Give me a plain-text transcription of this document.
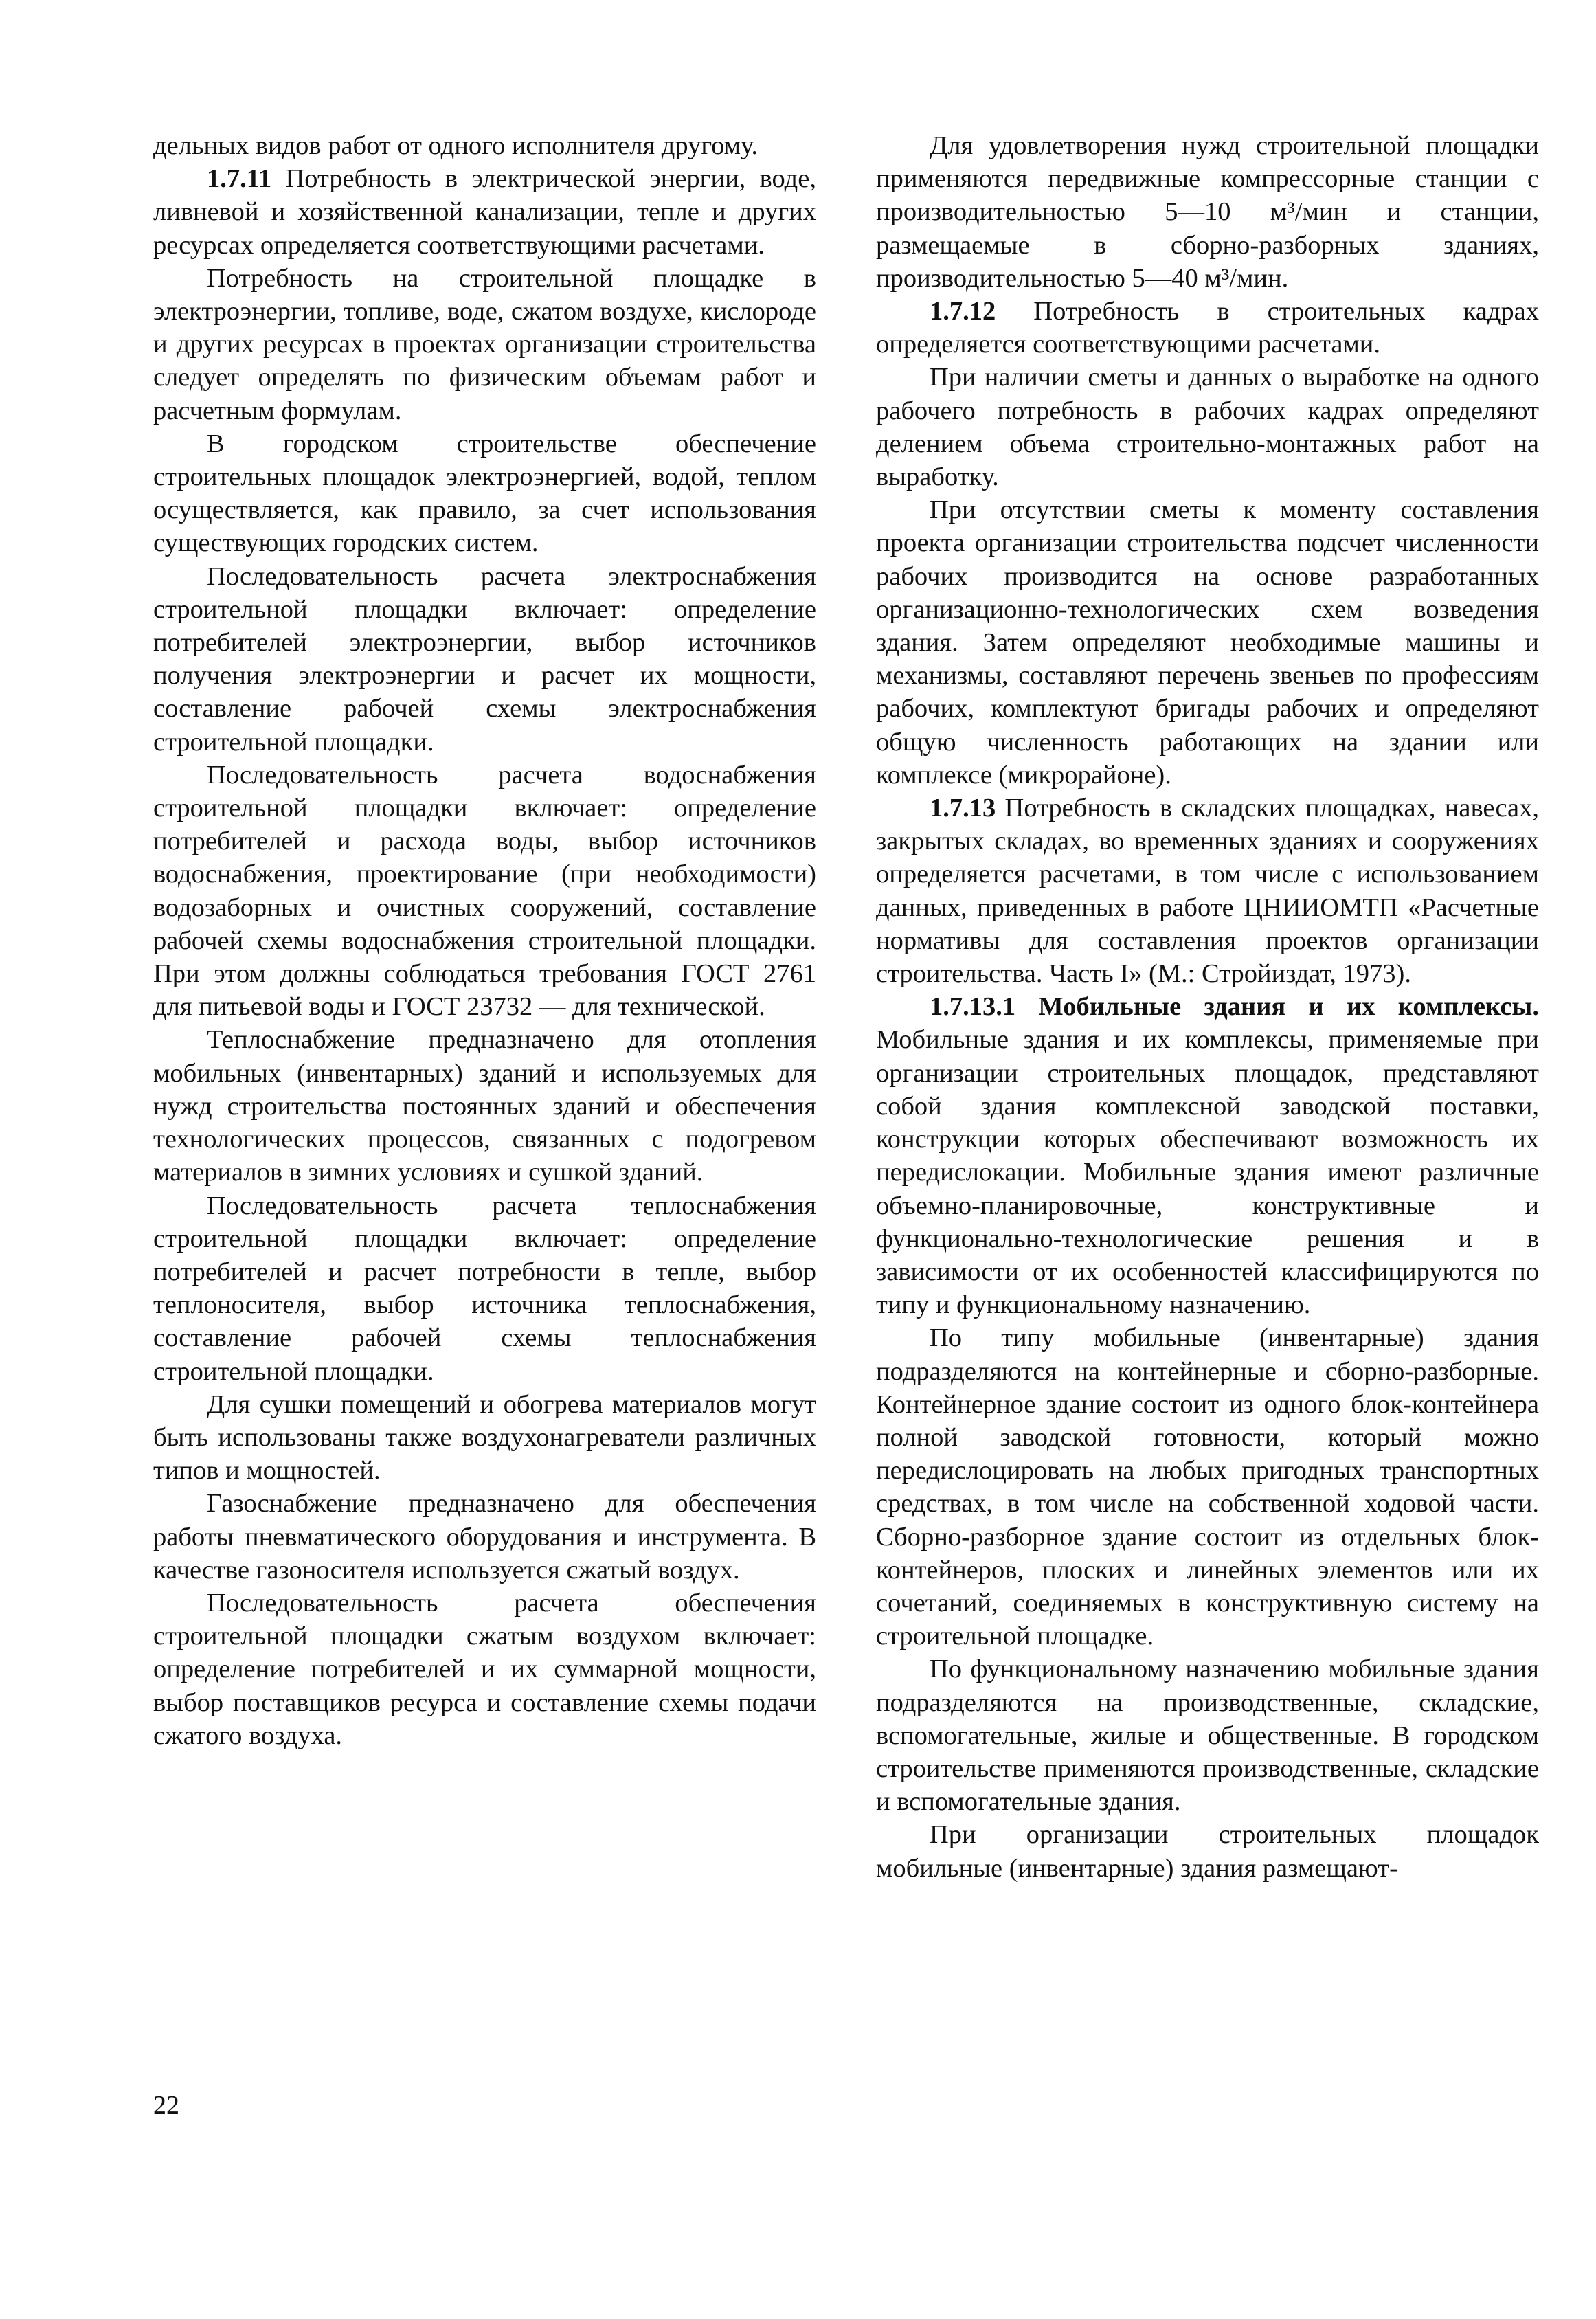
дельных видов работ от одного исполнителя другому.

1.7.11 Потребность в электрической энергии, воде, ливневой и хозяйственной канализации, тепле и других ресурсах определяется соответствующими расчетами.

Потребность на строительной площадке в электроэнергии, топливе, воде, сжатом воздухе, кислороде и других ресурсах в проектах организации строительства следует определять по физическим объемам работ и расчетным формулам.

В городском строительстве обеспечение строительных площадок электроэнергией, водой, теплом осуществляется, как правило, за счет использования существующих городских систем.

Последовательность расчета электроснабжения строительной площадки включает: определение потребителей электроэнергии, выбор источников получения электроэнергии и расчет их мощности, составление рабочей схемы электроснабжения строительной площадки.

Последовательность расчета водоснабжения строительной площадки включает: определение потребителей и расхода воды, выбор источников водоснабжения, проектирование (при необходимости) водозаборных и очистных сооружений, составление рабочей схемы водоснабжения строительной площадки. При этом должны соблюдаться требования ГОСТ 2761 для питьевой воды и ГОСТ 23732 — для технической.

Теплоснабжение предназначено для отопления мобильных (инвентарных) зданий и используемых для нужд строительства постоянных зданий и обеспечения технологических процессов, связанных с подогревом материалов в зимних условиях и сушкой зданий.

Последовательность расчета теплоснабжения строительной площадки включает: определение потребителей и расчет потребности в тепле, выбор теплоносителя, выбор источника теплоснабжения, составление рабочей схемы теплоснабжения строительной площадки.

Для сушки помещений и обогрева материалов могут быть использованы также воздухонагреватели различных типов и мощностей.

Газоснабжение предназначено для обеспечения работы пневматического оборудования и инструмента. В качестве газоносителя используется сжатый воздух.

Последовательность расчета обеспечения строительной площадки сжатым воздухом включает: определение потребителей и их суммарной мощности, выбор поставщиков ресурса и составление схемы подачи сжатого воздуха.

Для удовлетворения нужд строительной площадки применяются передвижные компрессорные станции с производительностью 5—10 м³/мин и станции, размещаемые в сборно-разборных зданиях, производительностью 5—40 м³/мин.

1.7.12 Потребность в строительных кадрах определяется соответствующими расчетами.

При наличии сметы и данных о выработке на одного рабочего потребность в рабочих кадрах определяют делением объема строительно-монтажных работ на выработку.

При отсутствии сметы к моменту составления проекта организации строительства подсчет численности рабочих производится на основе разработанных организационно-технологических схем возведения здания. Затем определяют необходимые машины и механизмы, составляют перечень звеньев по профессиям рабочих, комплектуют бригады рабочих и определяют общую численность работающих на здании или комплексе (микрорайоне).

1.7.13 Потребность в складских площадках, навесах, закрытых складах, во временных зданиях и сооружениях определяется расчетами, в том числе с использованием данных, приведенных в работе ЦНИИОМТП «Расчетные нормативы для составления проектов организации строительства. Часть I» (М.: Стройиздат, 1973).

1.7.13.1 Мобильные здания и их комплексы. Мобильные здания и их комплексы, применяемые при организации строительных площадок, представляют собой здания комплексной заводской поставки, конструкции которых обеспечивают возможность их передислокации. Мобильные здания имеют различные объемно-планировочные, конструктивные и функционально-технологические решения и в зависимости от их особенностей классифицируются по типу и функциональному назначению.

По типу мобильные (инвентарные) здания подразделяются на контейнерные и сборно-разборные. Контейнерное здание состоит из одного блок-контейнера полной заводской готовности, который можно передислоцировать на любых пригодных транспортных средствах, в том числе на собственной ходовой части. Сборно-разборное здание состоит из отдельных блок-контейнеров, плоских и линейных элементов или их сочетаний, соединяемых в конструктивную систему на строительной площадке.

По функциональному назначению мобильные здания подразделяются на производственные, складские, вспомогательные, жилые и общественные. В городском строительстве применяются производственные, складские и вспомогательные здания.

При организации строительных площадок мобильные (инвентарные) здания размещают-

22
